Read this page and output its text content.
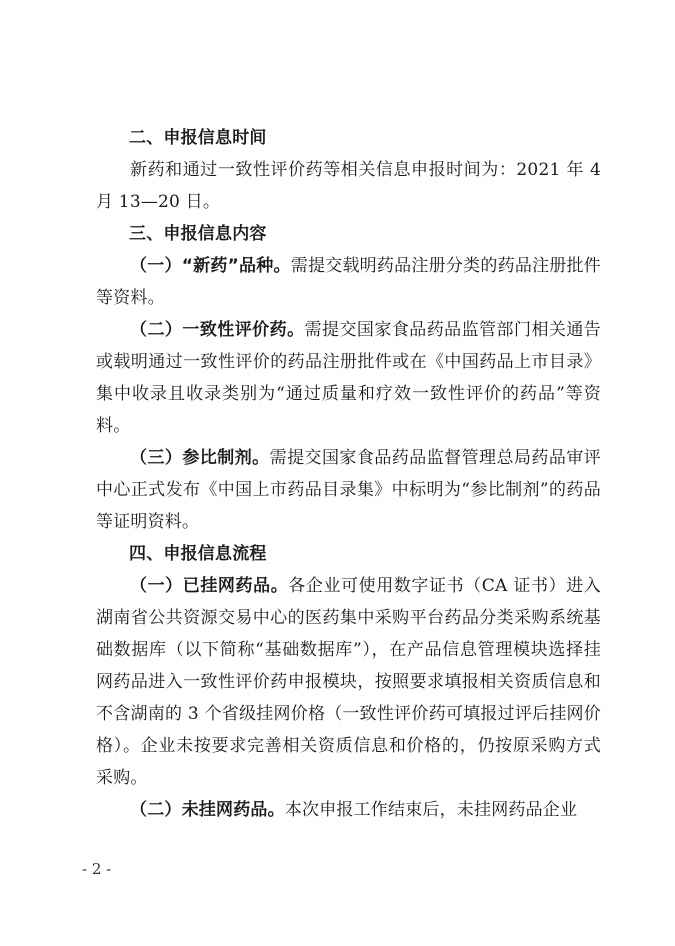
二、申报信息时间

新药和通过一致性评价药等相关信息申报时间为：2021 年 4 月 13—20 日。

三、申报信息内容

（一）“新药”品种。需提交载明药品注册分类的药品注册批件等资料。

（二）一致性评价药。需提交国家食品药品监管部门相关通告或载明通过一致性评价的药品注册批件或在《中国药品上市目录》集中收录且收录类别为“通过质量和疗效一致性评价的药品”等资料。

（三）参比制剂。需提交国家食品药品监督管理总局药品审评中心正式发布《中国上市药品目录集》中标明为“参比制剂”的药品等证明资料。

四、申报信息流程

（一）已挂网药品。各企业可使用数字证书（CA 证书）进入湖南省公共资源交易中心的医药集中采购平台药品分类采购系统基础数据库（以下简称“基础数据库”），在产品信息管理模块选择挂网药品进入一致性评价药申报模块，按照要求填报相关资质信息和不含湖南的 3 个省级挂网价格（一致性评价药可填报过评后挂网价格）。企业未按要求完善相关资质信息和价格的，仍按原采购方式采购。

（二）未挂网药品。本次申报工作结束后，未挂网药品企业

- 2 -
